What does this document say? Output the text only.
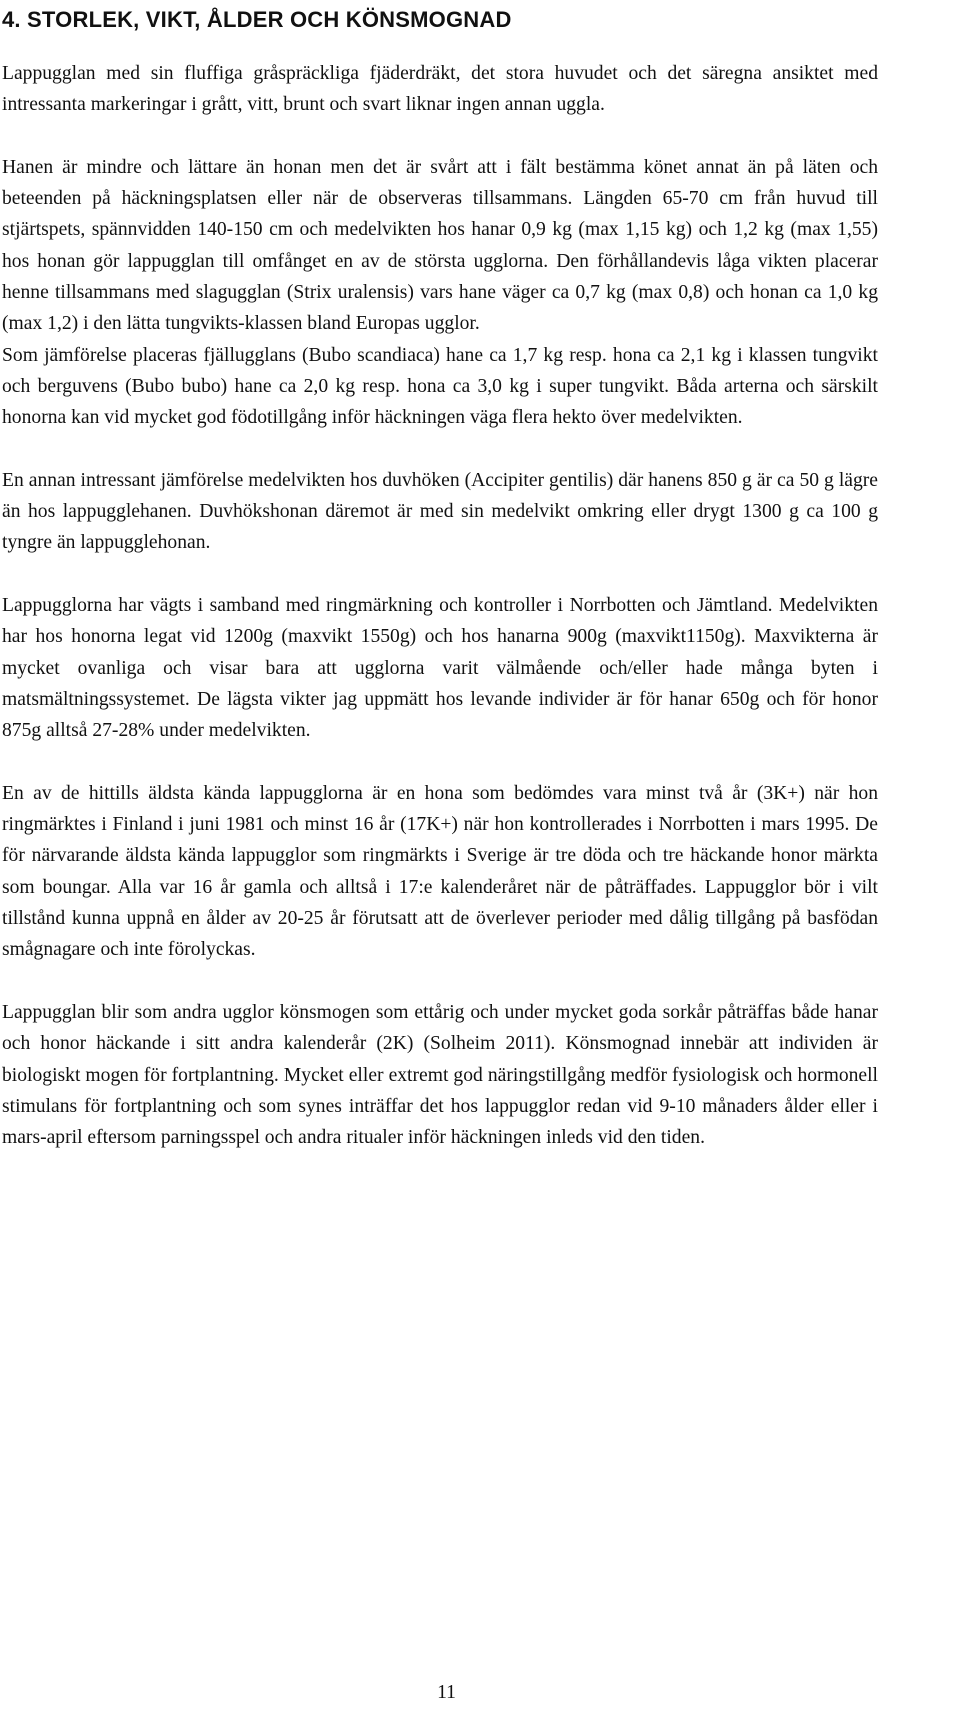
4. STORLEK, VIKT, ÅLDER OCH KÖNSMOGNAD

Lappugglan med sin fluffiga gråspräckliga fjäderdräkt, det stora huvudet och det säregna ansiktet med intressanta markeringar i grått, vitt, brunt och svart liknar ingen annan uggla.

Hanen är mindre och lättare än honan men det är svårt att i fält bestämma könet annat än på läten och beteenden på häckningsplatsen eller när de observeras tillsammans. Längden 65-70 cm från huvud till stjärtspets, spännvidden 140-150 cm och medelvikten hos hanar 0,9 kg (max 1,15 kg) och 1,2 kg (max 1,55) hos honan gör lappugglan till omfånget en av de största ugglorna. Den förhållandevis låga vikten placerar henne tillsammans med slagugglan (Strix uralensis) vars hane väger ca 0,7 kg (max 0,8) och honan ca 1,0 kg (max 1,2) i den lätta tungvikts-klassen bland Europas ugglor.

Som jämförelse placeras fjällugglans (Bubo scandiaca) hane ca 1,7 kg resp. hona ca 2,1 kg i klassen tungvikt och berguvens (Bubo bubo) hane ca 2,0 kg resp. hona ca 3,0 kg i super tungvikt. Båda arterna och särskilt honorna kan vid mycket god födotillgång inför häckningen väga flera hekto över medelvikten.

En annan intressant jämförelse medelvikten hos duvhöken (Accipiter gentilis) där hanens 850 g är ca 50 g lägre än hos lappugglehanen. Duvhökshonan däremot är med sin medelvikt omkring eller drygt 1300 g ca 100 g tyngre än lappugglehonan.

Lappugglorna har vägts i samband med ringmärkning och kontroller i Norrbotten och Jämtland. Medelvikten har hos honorna legat vid 1200g (maxvikt 1550g) och hos hanarna 900g (maxvikt1150g). Maxvikterna är mycket ovanliga och visar bara att ugglorna varit välmående och/eller hade många byten i matsmältningssystemet. De lägsta vikter jag uppmätt hos levande individer är för hanar 650g och för honor 875g alltså 27-28% under medelvikten.

En av de hittills äldsta kända lappugglorna är en hona som bedömdes vara minst två år (3K+) när hon ringmärktes i Finland i juni 1981 och minst 16 år (17K+) när hon kontrollerades i Norrbotten i mars 1995. De för närvarande äldsta kända lappugglor som ringmärkts i Sverige är tre döda och tre häckande honor märkta som boungar. Alla var 16 år gamla och alltså i 17:e kalenderåret när de påträffades. Lappugglor bör i vilt tillstånd kunna uppnå en ålder av 20-25 år förutsatt att de överlever perioder med dålig tillgång på basfödan smågnagare och inte förolyckas.

Lappugglan blir som andra ugglor könsmogen som ettårig och under mycket goda sorkår påträffas både hanar och honor häckande i sitt andra kalenderår (2K) (Solheim 2011). Könsmognad innebär att individen är biologiskt mogen för fortplantning. Mycket eller extremt god näringstillgång medför fysiologisk och hormonell stimulans för fortplantning och som synes inträffar det hos lappugglor redan vid 9-10 månaders ålder eller i mars-april eftersom parningsspel och andra ritualer inför häckningen inleds vid den tiden.

11
